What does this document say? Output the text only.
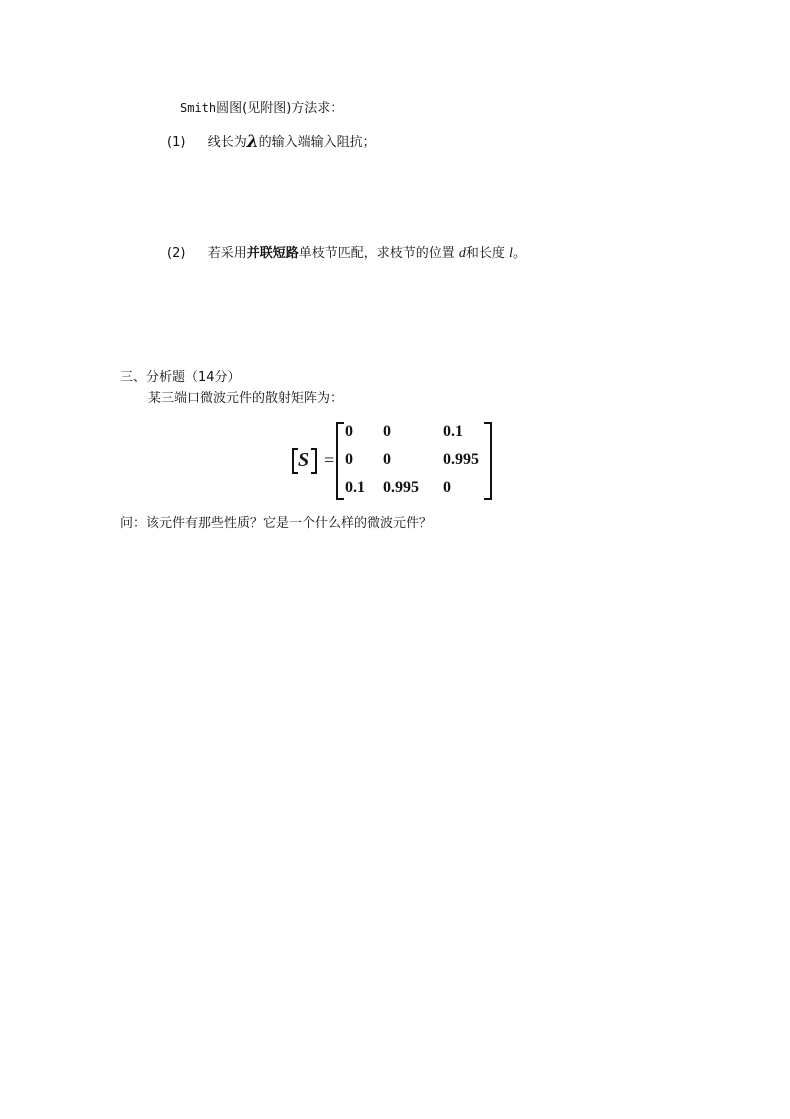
Smith圆图(见附图)方法求：
(1) 线长为λ的输入端输入阻抗；
(2) 若采用并联短路单枝节匹配，求枝节的位置 d和长度 l。
三、分析题（14分）
某三端口微波元件的散射矩阵为：
S =
0 0	0.1
0 0	0.995
0.1 0.995 0
问：该元件有那些性质？它是一个什么样的微波元件？
